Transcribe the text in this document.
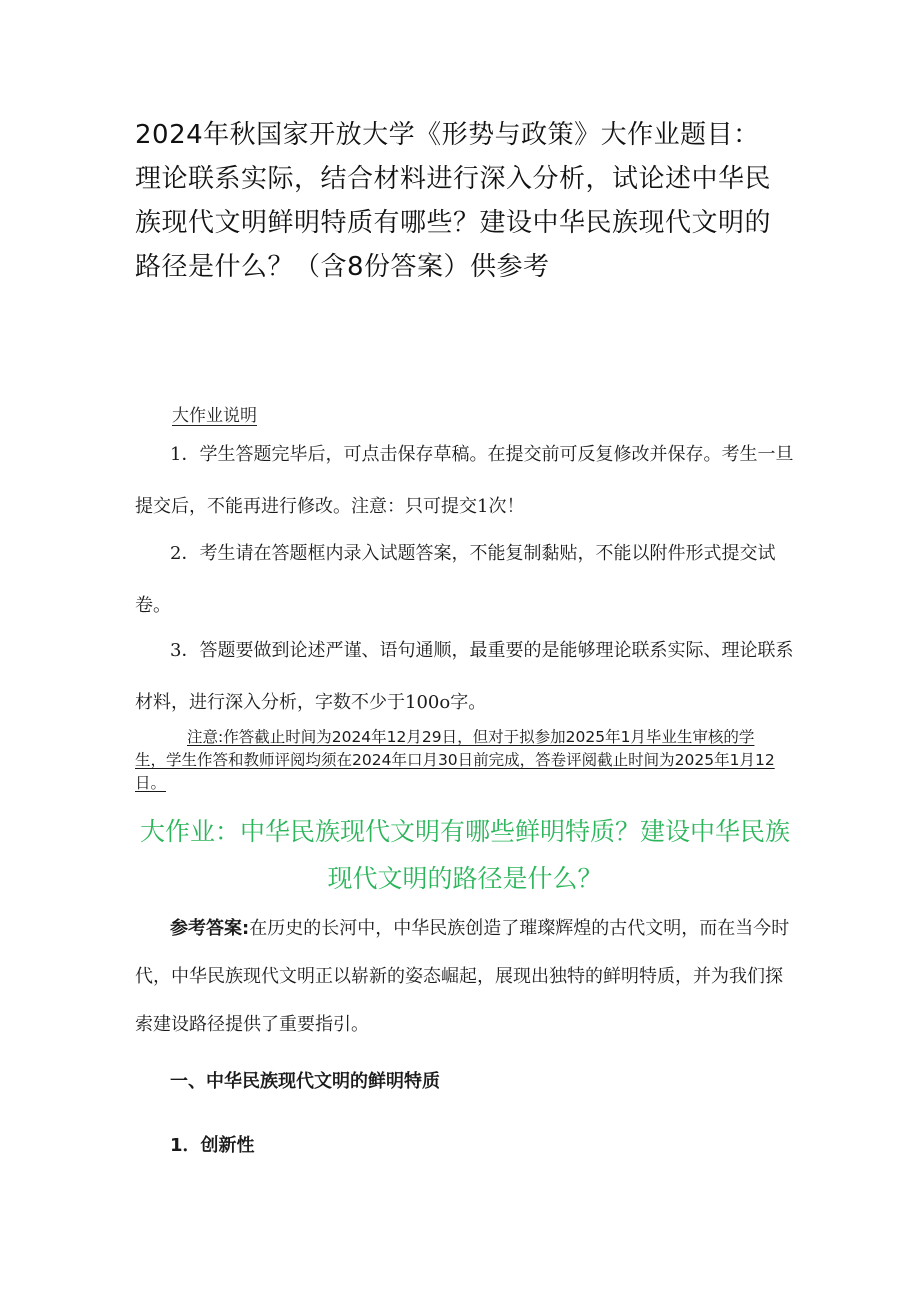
2024年秋国家开放大学《形势与政策》大作业题目：理论联系实际，结合材料进行深入分析，试论述中华民族现代文明鲜明特质有哪些？建设中华民族现代文明的路径是什么？（含8份答案）供参考
大作业说明

1．学生答题完毕后，可点击保存草稿。在提交前可反复修改并保存。考生一旦提交后，不能再进行修改。注意：只可提交1次！

2．考生请在答题框内录入试题答案，不能复制黏贴，不能以附件形式提交试卷。

3．答题要做到论述严谨、语句通顺，最重要的是能够理论联系实际、理论联系材料，进行深入分析，字数不少于100o字。

注意:作答截止时间为2024年12月29日，但对于拟参加2025年1月毕业生审核的学生，学生作答和教师评阅均须在2024年口月30日前完成，答卷评阅截止时间为2025年1月12日。

大作业：中华民族现代文明有哪些鲜明特质？建设中华民族现代文明的路径是什么？

参考答案:在历史的长河中，中华民族创造了璀璨辉煌的古代文明，而在当今时代，中华民族现代文明正以崭新的姿态崛起，展现出独特的鲜明特质，并为我们探索建设路径提供了重要指引。

一、中华民族现代文明的鲜明特质
1．创新性
